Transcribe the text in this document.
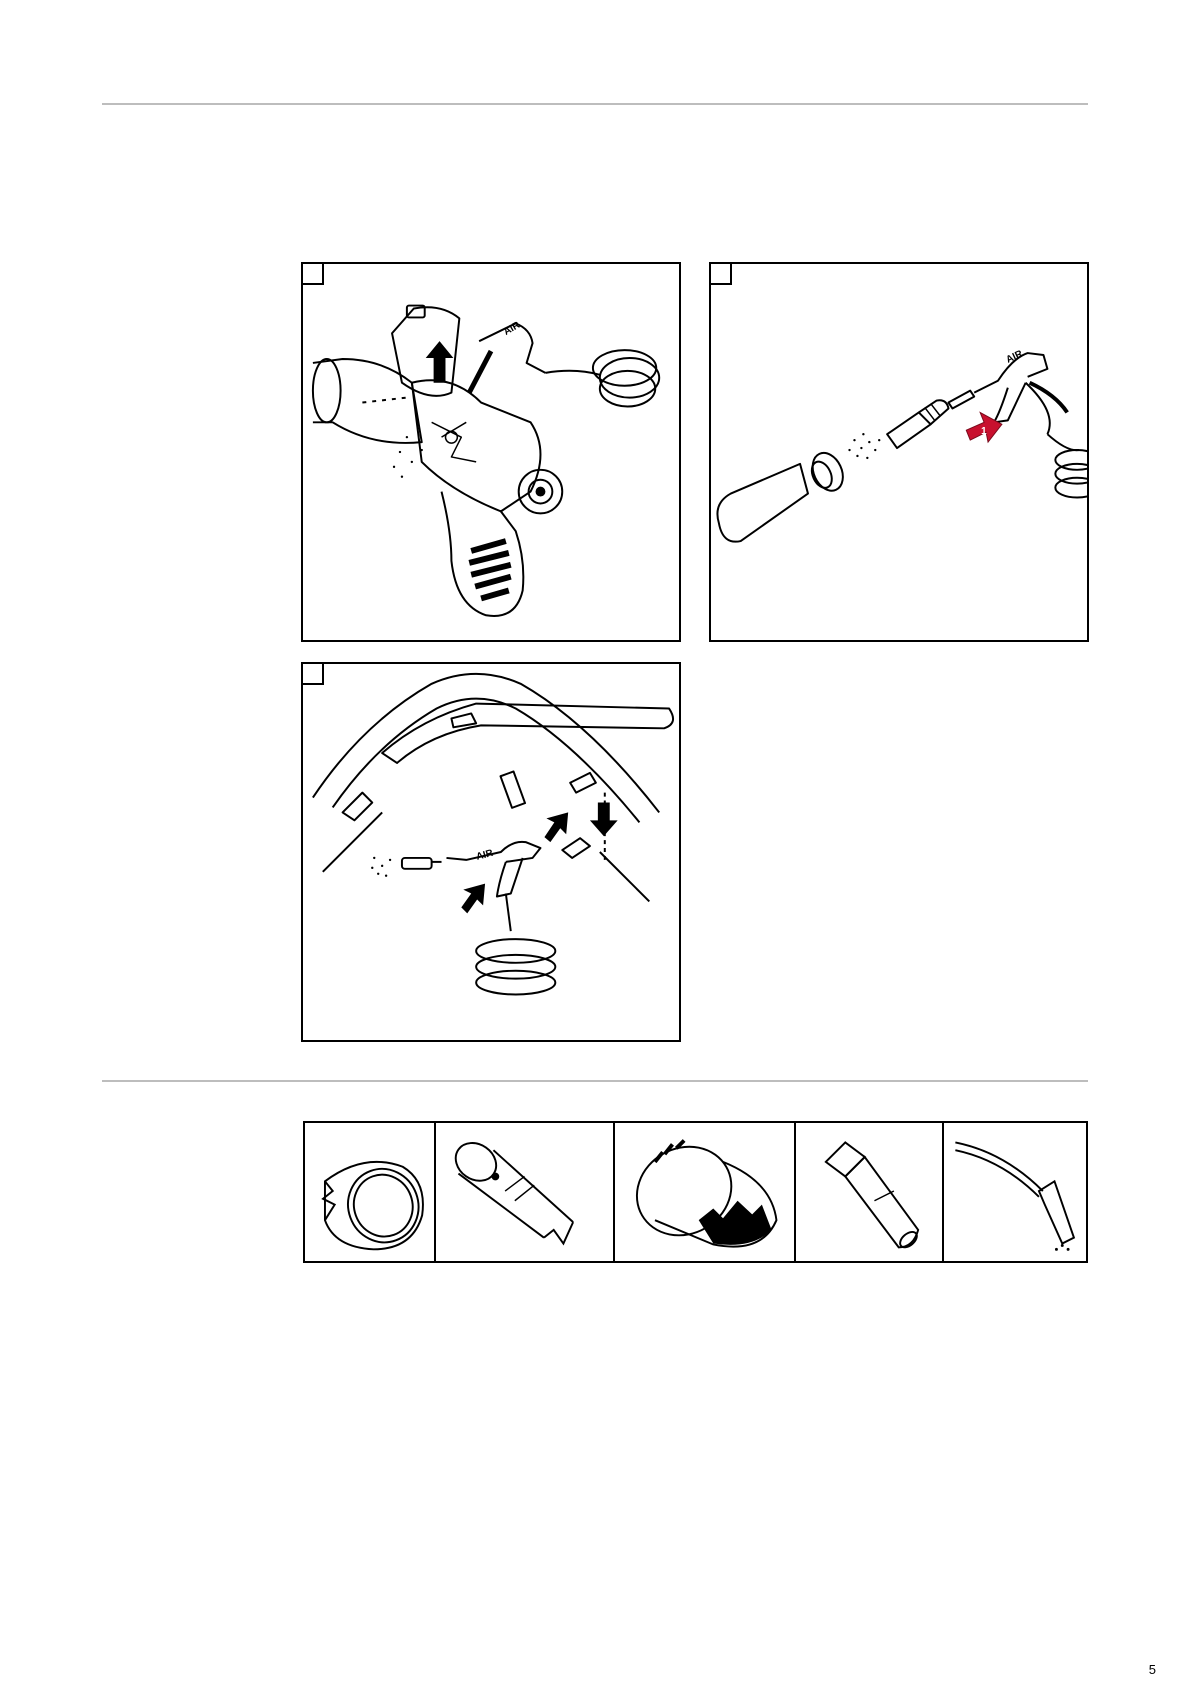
AIR
1
AIR
AIR
5
